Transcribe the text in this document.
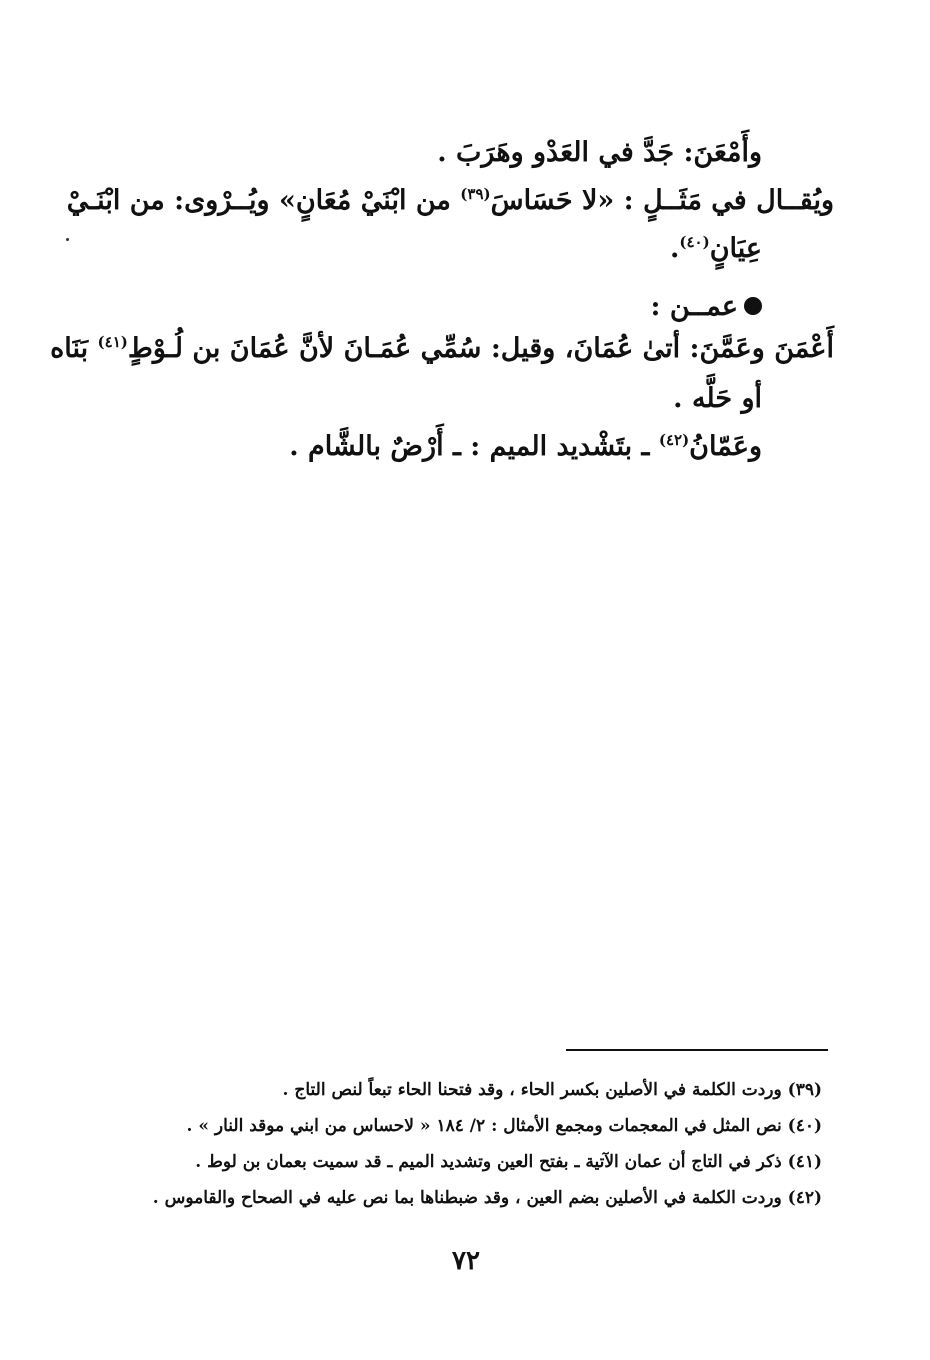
وأَمْعَنَ: جَدَّ في العَدْو وهَرَبَ .
ويُقــال في مَثَــلٍ : «لا حَسَاسَ$^{(٣٩)}$ من ابْنَيْ مُعَانٍ» ويُــرْوى: من ابْنَـيْ
عِيَانٍ$^{(٤٠)}$.
عمــن :
أَعْمَنَ وعَمَّنَ: أتىٰ عُمَانَ، وقيل: سُمِّي عُمَـانَ لأنَّ عُمَانَ بن لُـوْطٍ$^{(٤١)}$ بَنَاه
أو حَلَّه .
وعَمّانُ$^{(٤٢)}$ ـ بتَشْديد الميم : ـ أَرْضٌ بالشَّام .
(٣٩) وردت الكلمة في الأصلين بكسر الحاء ، وقد فتحنا الحاء تبعاً لنص التاج .
(٤٠) نص المثل في المعجمات ومجمع الأمثال : ٢/ ١٨٤ « لاحساس من ابني موقد النار » .
(٤١) ذكر في التاج أن عمان الآتية ـ بفتح العين وتشديد الميم ـ قد سميت بعمان بن لوط .
(٤٢) وردت الكلمة في الأصلين بضم العين ، وقد ضبطناها بما نص عليه في الصحاح والقاموس .
٧٢
